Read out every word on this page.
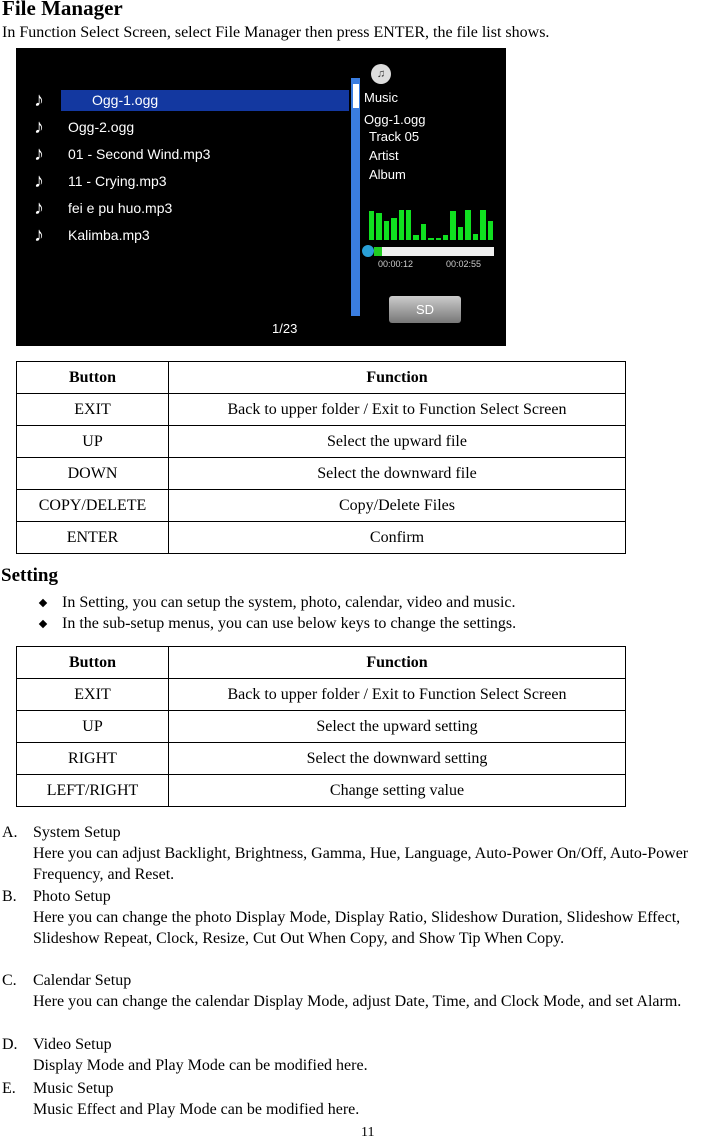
File Manager
In Function Select Screen, select File Manager then press ENTER, the file list shows.
♪	Ogg-1.ogg
♪	Ogg-2.ogg
♪	01 - Second Wind.mp3
♪	11 - Crying.mp3
♪	fei e pu huo.mp3
♪	Kalimba.mp3
♫
Music
Ogg-1.ogg
Track 05
Artist
Album
00:00:12	00:02:55
SD
1/23
Button	Function
EXIT	Back to upper folder / Exit to Function Select Screen
UP	Select the upward file
DOWN	Select the downward file
COPY/DELETE	Copy/Delete Files
ENTER	Confirm
Setting
In Setting, you can setup the system, photo, calendar, video and music.
In the sub-setup menus, you can use below keys to change the settings.
Button	Function
EXIT	Back to upper folder / Exit to Function Select Screen
UP	Select the upward setting
RIGHT	Select the downward setting
LEFT/RIGHT	Change setting value
A. System Setup
Here you can adjust Backlight, Brightness, Gamma, Hue, Language, Auto-Power On/Off, Auto-Power Frequency, and Reset.
B.	Photo Setup
Here you can change the photo Display Mode, Display Ratio, Slideshow Duration, Slideshow Effect, Slideshow Repeat, Clock, Resize, Cut Out When Copy, and Show Tip When Copy.
C.	Calendar Setup
Here you can change the calendar Display Mode, adjust Date, Time, and Clock Mode, and set Alarm.
D. Video Setup
Display Mode and Play Mode can be modified here.
E.	Music Setup
Music Effect and Play Mode can be modified here.
11
